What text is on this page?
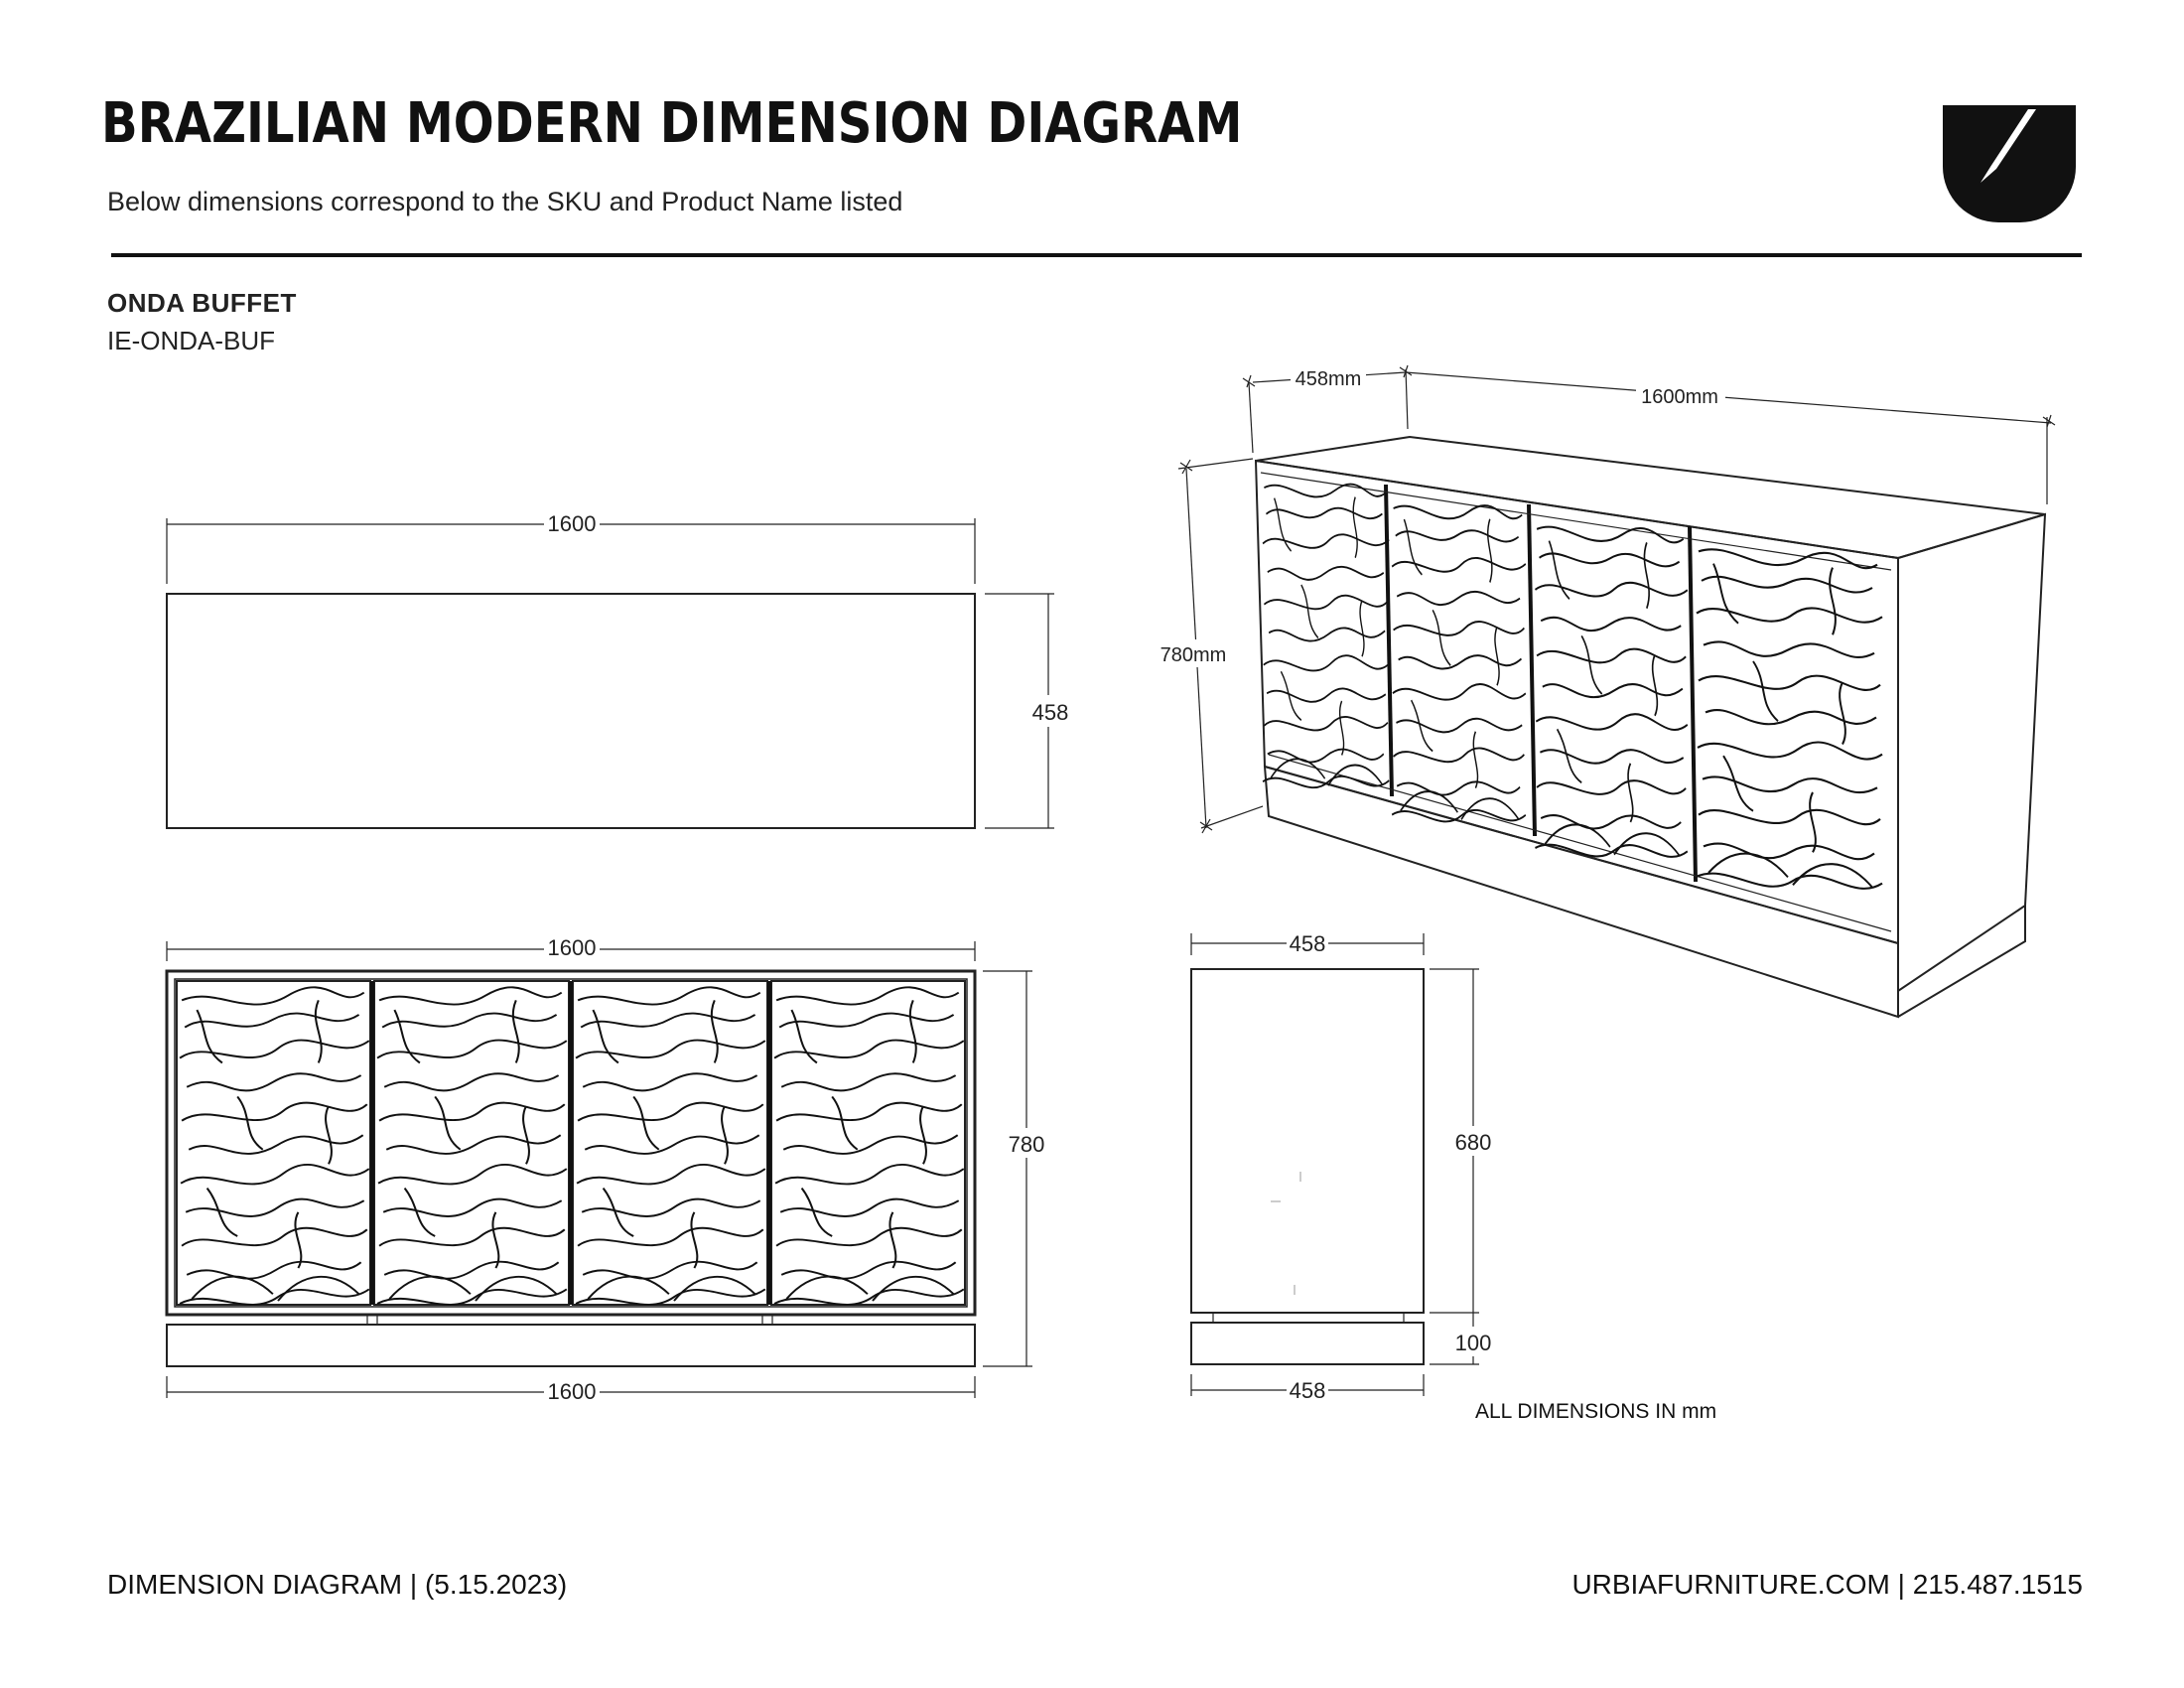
BRAZILIAN MODERN DIMENSION DIAGRAM
Below dimensions correspond to the SKU and Product Name listed
ONDA BUFFET
IE-ONDA-BUF
1600
458
1600
780
1600
458
680
100
458
458mm
1600mm
780mm
ALL DIMENSIONS IN mm
DIMENSION DIAGRAM | (5.15.2023)	URBIAFURNITURE.COM | 215.487.1515
